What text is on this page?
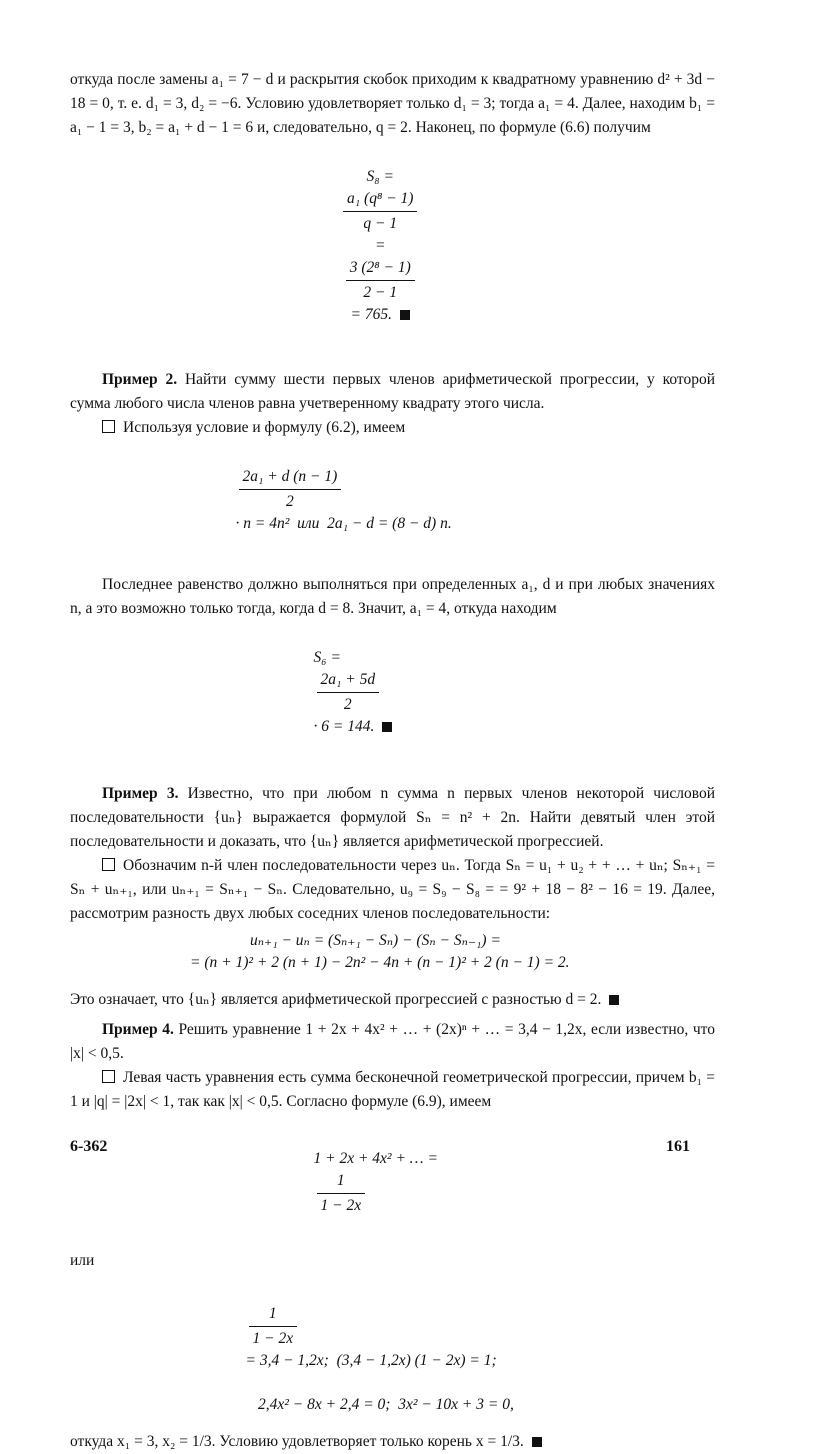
откуда после замены a₁ = 7 − d и раскрытия скобок приходим к квадратному уравнению d² + 3d − 18 = 0, т. е. d₁ = 3, d₂ = −6. Условию удовлетворяет только d₁ = 3; тогда a₁ = 4. Далее, находим b₁ = a₁ − 1 = 3, b₂ = a₁ + d − 1 = 6 и, следовательно, q = 2. Наконец, по формуле (6.6) получим

S₈ =

$\frac{\text{a₁ (q⁸ − 1)}}{q - 1}$

=

$\frac{\text{3 (2⁸ − 1)}}{2 - 1}$

= 765.

Пример 2. Найти сумму шести первых членов арифметической прогрессии, у которой сумма любого числа членов равна учетверенному квадрату этого числа.

Используя условие и формулу (6.2), имеем

$\frac{\text{2a₁ + d (n − 1)}}{2}$

· n = 4n²  или  2a₁ − d = (8 − d) n.

Последнее равенство должно выполняться при определенных a₁, d и при любых значениях n, а это возможно только тогда, когда d = 8. Значит, a₁ = 4, откуда находим

S₆ =

$\frac{\text{2a₁ + 5d}}{2}$

· 6 = 144.

Пример 3. Известно, что при любом n сумма n первых членов некоторой числовой последовательности {uₙ} выражается формулой Sₙ = n² + 2n. Найти девятый член этой последовательности и доказать, что {uₙ} является арифметической прогрессией.

Обозначим n-й член последовательности через uₙ. Тогда Sₙ = u₁ + u₂ + + … + uₙ; Sₙ₊₁ = Sₙ + uₙ₊₁, или uₙ₊₁ = Sₙ₊₁ − Sₙ. Следовательно, u₉ = S₉ − S₈ = = 9² + 18 − 8² − 16 = 19. Далее, рассмотрим разность двух любых соседних членов последовательности:

uₙ₊₁ − uₙ = (Sₙ₊₁ − Sₙ) − (Sₙ − Sₙ₋₁) =
= (n + 1)² + 2 (n + 1) − 2n² − 4n + (n − 1)² + 2 (n − 1) = 2.

Это означает, что {uₙ} является арифметической прогрессией с разностью d = 2.

Пример 4. Решить уравнение 1 + 2x + 4x² + … + (2x)ⁿ + … = 3,4 − 1,2x, если известно, что |x| < 0,5.

Левая часть уравнения есть сумма бесконечной геометрической прогрессии, причем b₁ = 1 и |q| = |2x| < 1, так как |x| < 0,5. Согласно формуле (6.9), имеем

1 + 2x + 4x² + … =

$\frac{1}{1 - 2x}$

или

$\frac{1}{1 - 2x}$

= 3,4 − 1,2x;  (3,4 − 1,2x) (1 − 2x) = 1;

2,4x² − 8x + 2,4 = 0;  3x² − 10x + 3 = 0,

откуда x₁ = 3, x₂ = 1/3. Условию удовлетворяет только корень x = 1/3.

6-362	161
